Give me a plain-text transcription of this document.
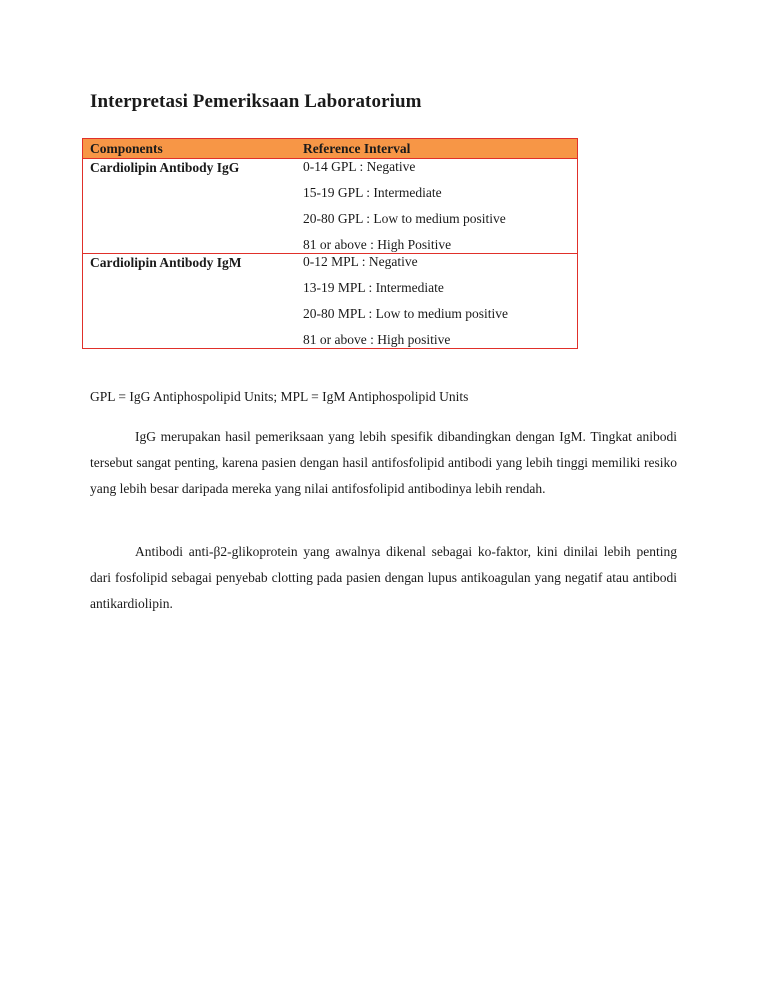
Interpretasi Pemeriksaan Laboratorium
Components	Reference Interval
Cardiolipin Antibody IgG	0-14 GPL : Negative
15-19 GPL : Intermediate
20-80 GPL : Low to medium positive
81 or above : High Positive
Cardiolipin Antibody IgM	0-12 MPL : Negative
13-19 MPL : Intermediate
20-80 MPL : Low to medium positive
81 or above : High positive
GPL = IgG Antiphospolipid Units; MPL = IgM Antiphospolipid Units

IgG merupakan hasil pemeriksaan yang lebih spesifik dibandingkan dengan IgM. Tingkat anibodi tersebut sangat penting, karena pasien dengan hasil antifosfolipid antibodi yang lebih tinggi memiliki resiko yang lebih besar daripada mereka yang nilai antifosfolipid antibodinya lebih rendah.

Antibodi anti-β2-glikoprotein yang awalnya dikenal sebagai ko-faktor, kini dinilai lebih penting dari fosfolipid sebagai penyebab clotting pada pasien dengan lupus antikoagulan yang negatif atau antibodi antikardiolipin.
